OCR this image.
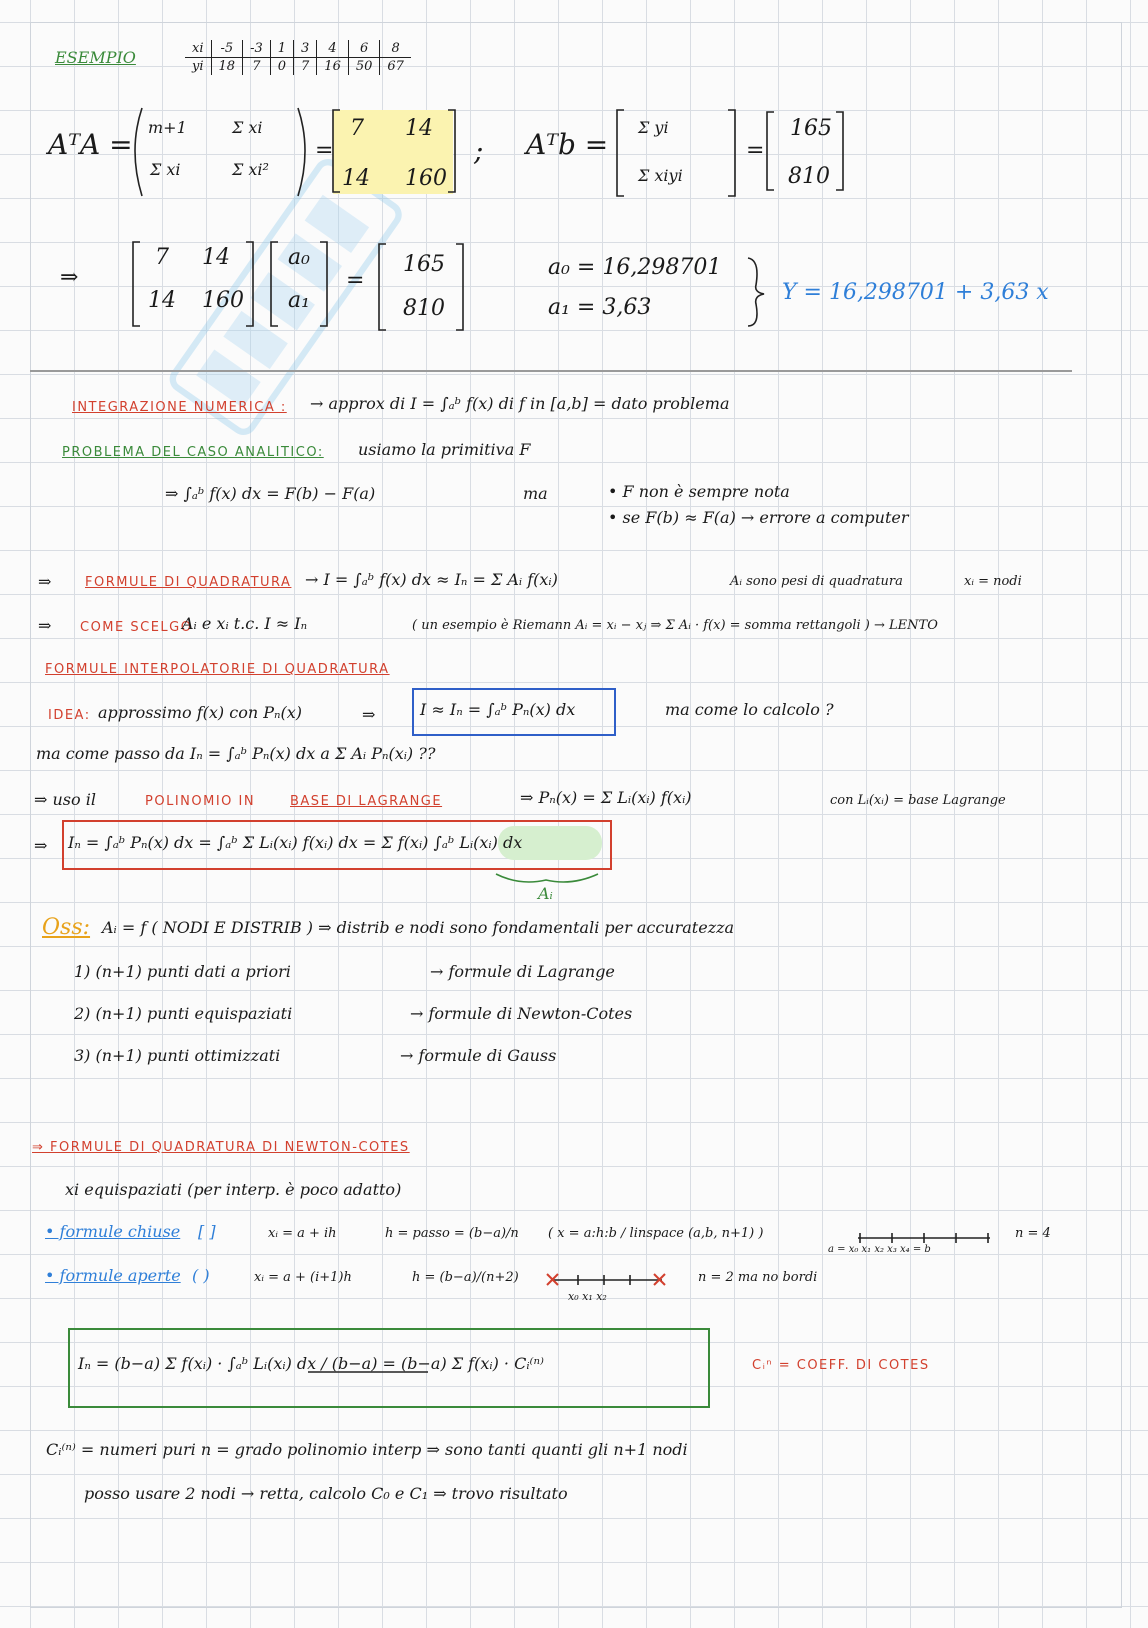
ESEMPIO	xi	-5	-3	1	3	4	6	8
yi	18	7	0	7	16	50	67
AᵀA =
m+1	Σ xi
Σ xi	Σ xi²
=
7 14
14 160
; Aᵀb =
Σ yi
Σ xiyi
=
165
810
⇒
7 14
14 160
a₀
a₁
=
165
810
a₀ = 16,298701
a₁ = 3,63
Y = 16,298701 + 3,63 x
INTEGRAZIONE NUMERICA : → approx di I = ∫ₐᵇ f(x) di f in [a,b] = dato problema
PROBLEMA DEL CASO ANALITICO: usiamo la primitiva F
⇒ ∫ₐᵇ f(x) dx = F(b) − F(a)	ma	• F non è sempre nota
• se F(b) ≈ F(a) → errore a computer
⇒	FORMULE DI QUADRATURA → I = ∫ₐᵇ f(x) dx ≈ Iₙ = Σ Aᵢ f(xᵢ)	Aᵢ sono pesi di quadratura	xᵢ = nodi
⇒ COME SCELGO
Aᵢ e xᵢ t.c. I ≈ Iₙ	( un esempio è Riemann Aᵢ = xᵢ − xⱼ ⇒ Σ Aᵢ · f(x) = somma rettangoli ) → LENTO
FORMULE INTERPOLATORIE DI QUADRATURA
IDEA: approssimo f(x) con Pₙ(x)	⇒	I ≈ Iₙ = ∫ₐᵇ Pₙ(x) dx	ma come lo calcolo ?
ma come passo da Iₙ = ∫ₐᵇ Pₙ(x) dx a Σ Aᵢ Pₙ(xᵢ) ??
⇒ uso il	POLINOMIO IN	BASE DI LAGRANGE	⇒ Pₙ(x) = Σ Lᵢ(xᵢ) f(xᵢ)	con Lᵢ(xᵢ) = base Lagrange
⇒ Iₙ = ∫ₐᵇ Pₙ(x) dx = ∫ₐᵇ Σ Lᵢ(xᵢ) f(xᵢ) dx = Σ f(xᵢ) ∫ₐᵇ Lᵢ(xᵢ) dx
Aᵢ
Oss: Aᵢ = f ( NODI E DISTRIB ) ⇒ distrib e nodi sono fondamentali per accuratezza
1) (n+1) punti dati a priori	→ formule di Lagrange
2) (n+1) punti equispaziati	→ formule di Newton-Cotes
3) (n+1) punti ottimizzati	→ formule di Gauss
⇒ FORMULE DI QUADRATURA DI NEWTON-COTES
xi equispaziati (per interp. è poco adatto)
• formule chiuse [ ]	xᵢ = a + ih	h = passo = (b−a)/n ( x = a:h:b / linspace (a,b, n+1) )	n = 4
a = x₀ x₁ x₂ x₃ x₄ = b
• formule aperte ( )	xᵢ = a + (i+1)h	h = (b−a)/(n+2)
x₀ x₁ x₂
n = 2 ma no bordi
Iₙ = (b−a) Σ f(xᵢ) · ∫ₐᵇ Lᵢ(xᵢ) dx / (b−a) = (b−a) Σ f(xᵢ) · Cᵢ⁽ⁿ⁾	Cᵢⁿ = COEFF. DI COTES
Cᵢ⁽ⁿ⁾ = numeri puri n = grado polinomio interp ⇒ sono tanti quanti gli n+1 nodi
posso usare 2 nodi → retta, calcolo C₀ e C₁ ⇒ trovo risultato
